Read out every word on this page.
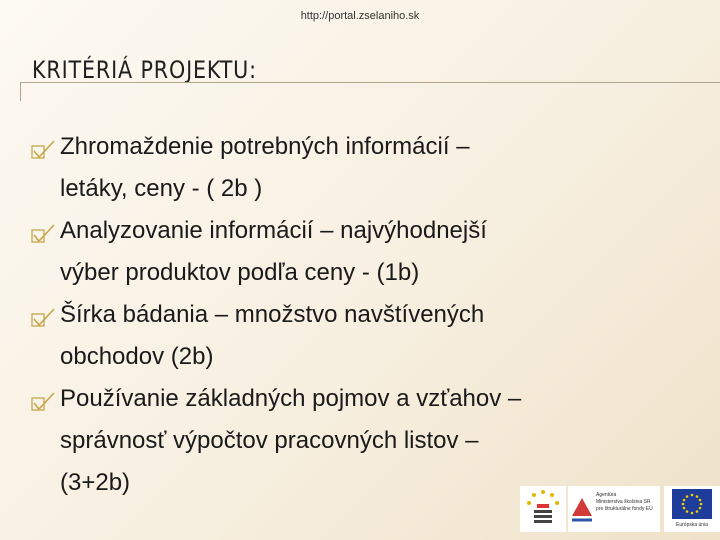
http://portal.zselaniho.sk
KRITÉRIÁ PROJEKTU:
Zhromaždenie potrebných informácií –
letáky, ceny - ( 2b )
Analyzovanie informácií – najvýhodnejší
výber produktov podľa ceny - (1b)
Šírka bádania – množstvo navštívených
obchodov (2b)
Používanie základných pojmov a vzťahov –
správnosť výpočtov pracovných listov –
(3+2b)	Agentúra
Ministerstva školstva SR
pre štrukturálne fondy EÚ
Európska únia
